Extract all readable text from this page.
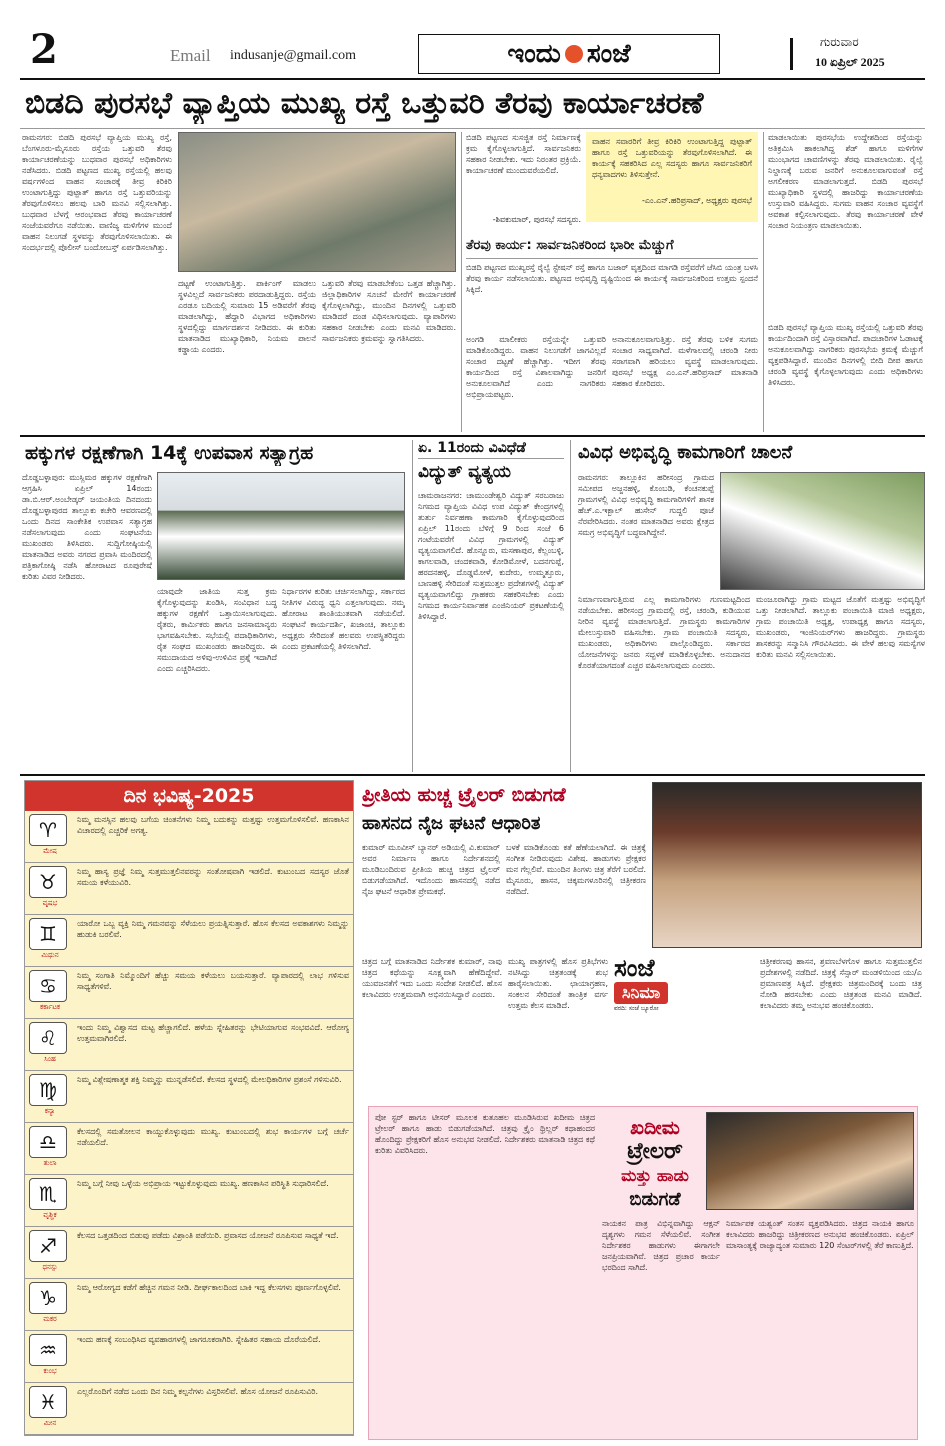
2	Email indusanje@gmail.com	ಇಂದು ಸಂಜೆ	ಗುರುವಾರ
10 ಏಪ್ರಿಲ್ 2025
ಬಿಡದಿ ಪುರಸಭೆ ವ್ಯಾಪ್ತಿಯ ಮುಖ್ಯ ರಸ್ತೆ ಒತ್ತುವರಿ ತೆರವು ಕಾರ್ಯಾಚರಣೆ
ರಾಮನಗರ: ಬಿಡದಿ ಪುರಸಭೆ ವ್ಯಾಪ್ತಿಯ ಮುಖ್ಯ ರಸ್ತೆ, ಬೆಂಗಳೂರು-ಮೈಸೂರು ರಸ್ತೆಯ ಒತ್ತುವರಿ ತೆರವು ಕಾರ್ಯಾಚರಣೆಯನ್ನು ಬುಧವಾರ ಪುರಸಭೆ ಅಧಿಕಾರಿಗಳು ನಡೆಸಿದರು. ಬಿಡದಿ ಪಟ್ಟಣದ ಮುಖ್ಯ ರಸ್ತೆಯಲ್ಲಿ ಹಲವು ವರ್ಷಗಳಿಂದ ವಾಹನ ಸಂಚಾರಕ್ಕೆ ತೀವ್ರ ಕಿರಿಕಿರಿ ಉಂಟಾಗುತ್ತಿದ್ದು ಪುಟ್ಪಾತ್ ಹಾಗೂ ರಸ್ತೆ ಒತ್ತುವರಿಯನ್ನು ತೆರವುಗೊಳಿಸಲು ಹಲವು ಬಾರಿ ಮನವಿ ಸಲ್ಲಿಸಲಾಗಿತ್ತು. ಬುಧವಾರ ಬೆಳಗ್ಗೆ ಆರಂಭವಾದ ತೆರವು ಕಾರ್ಯಾಚರಣೆ ಸಂಜೆಯವರೆಗೂ ನಡೆಯಿತು. ವಾಣಿಜ್ಯ ಮಳಿಗೆಗಳ ಮುಂದೆ ವಾಹನ ನಿಲುಗಡೆ ಸ್ಥಳವನ್ನು ತೆರವುಗೊಳಿಸಲಾಯಿತು. ಈ ಸಂದರ್ಭದಲ್ಲಿ ಪೊಲೀಸ್ ಬಂದೋಬಸ್ತ್ ಏರ್ಪಡಿಸಲಾಗಿತ್ತು.
ದಟ್ಟಣೆ ಉಂಟಾಗುತ್ತಿತ್ತು. ಪಾರ್ಕಿಂಗ್ ಮಾಡಲು ಸ್ಥಳವಿಲ್ಲದೆ ಸಾರ್ವಜನಿಕರು ಪರದಾಡುತ್ತಿದ್ದರು. ರಸ್ತೆಯ ಎರಡೂ ಬದಿಯಲ್ಲಿ ಸುಮಾರು 15 ಅಡಿವರೆಗೆ ತೆರವು ಮಾಡಲಾಗಿದ್ದು, ಹೆದ್ದಾರಿ ವಿಭಾಗದ ಅಧಿಕಾರಿಗಳು ಸ್ಥಳದಲ್ಲಿದ್ದು ಮಾರ್ಗದರ್ಶನ ನೀಡಿದರು. ಈ ಕುರಿತು ಮಾತನಾಡಿದ ಮುಖ್ಯಾಧಿಕಾರಿ, ನಿಯಮ ಪಾಲನೆ ಕಡ್ಡಾಯ ಎಂದರು.
ಒತ್ತುವರಿ ತೆರವು ಮಾಡಬೇಕೆಂಬ ಒತ್ತಡ ಹೆಚ್ಚಾಗಿತ್ತು. ಜಿಲ್ಲಾಧಿಕಾರಿಗಳ ಸೂಚನೆ ಮೇರೆಗೆ ಕಾರ್ಯಾಚರಣೆ ಕೈಗೊಳ್ಳಲಾಗಿದ್ದು, ಮುಂದಿನ ದಿನಗಳಲ್ಲಿ ಒತ್ತುವರಿ ಮಾಡಿದರೆ ದಂಡ ವಿಧಿಸಲಾಗುವುದು. ವ್ಯಾಪಾರಿಗಳು ಸಹಕಾರ ನೀಡಬೇಕು ಎಂದು ಮನವಿ ಮಾಡಿದರು. ಸಾರ್ವಜನಿಕರು ಕ್ರಮವನ್ನು ಸ್ವಾಗತಿಸಿದರು.
ಬಿಡದಿ ಪಟ್ಟಣದ ಸುಸಜ್ಜಿತ ರಸ್ತೆ ನಿರ್ಮಾಣಕ್ಕೆ ಕ್ರಮ ಕೈಗೊಳ್ಳಲಾಗುತ್ತಿದೆ. ಸಾರ್ವಜನಿಕರು ಸಹಕಾರ ನೀಡಬೇಕು. ಇದು ನಿರಂತರ ಪ್ರಕ್ರಿಯೆ. ಕಾರ್ಯಾಚರಣೆ ಮುಂದುವರೆಯಲಿದೆ.
-ಶಿವಕುಮಾರ್, ಪುರಸಭೆ ಸದಸ್ಯರು.
ವಾಹನ ಸವಾರರಿಗೆ ತೀವ್ರ ಕಿರಿಕಿರಿ ಉಂಟಾಗುತ್ತಿದ್ದ ಪುಟ್ಪಾತ್ ಹಾಗೂ ರಸ್ತೆ ಒತ್ತುವರಿಯನ್ನು ತೆರವುಗೊಳಿಸಲಾಗಿದೆ. ಈ ಕಾರ್ಯಕ್ಕೆ ಸಹಕರಿಸಿದ ಎಲ್ಲ ಸದಸ್ಯರು ಹಾಗೂ ಸಾರ್ವಜನಿಕರಿಗೆ ಧನ್ಯವಾದಗಳು ತಿಳಿಸುತ್ತೇನೆ.
-ಎಂ.ಎನ್.ಹರಿಪ್ರಸಾದ್, ಅಧ್ಯಕ್ಷರು ಪುರಸಭೆ
ತೆರವು ಕಾರ್ಯ: ಸಾರ್ವಜನಿಕರಿಂದ ಭಾರೀ ಮೆಚ್ಚುಗೆ
ಬಿಡದಿ ಪಟ್ಟಣದ ಮುಖ್ಯರಸ್ತೆ ರೈಲ್ವೆ ಸ್ಟೇಷನ್ ರಸ್ತೆ ಹಾಗೂ ಬಜಾರ್ ವೃತ್ತದಿಂದ ಮಾಗಡಿ ರಸ್ತೆವರೆಗೆ ಜೆಸಿಬಿ ಯಂತ್ರ ಬಳಸಿ ತೆರವು ಕಾರ್ಯ ನಡೆಸಲಾಯಿತು. ಪಟ್ಟಣದ ಅಭಿವೃದ್ಧಿ ದೃಷ್ಟಿಯಿಂದ ಈ ಕಾರ್ಯಕ್ಕೆ ಸಾರ್ವಜನಿಕರಿಂದ ಉತ್ತಮ ಸ್ಪಂದನೆ ಸಿಕ್ಕಿದೆ.
ಅಂಗಡಿ ಮಾಲೀಕರು ರಸ್ತೆಯನ್ನೇ ಒತ್ತುವರಿ ಮಾಡಿಕೊಂಡಿದ್ದರು. ವಾಹನ ನಿಲುಗಡೆಗೆ ಜಾಗವಿಲ್ಲದೆ ಸಂಚಾರ ದಟ್ಟಣೆ ಹೆಚ್ಚಾಗಿತ್ತು. ಇದೀಗ ತೆರವು ಕಾರ್ಯದಿಂದ ರಸ್ತೆ ವಿಶಾಲವಾಗಿದ್ದು ಜನರಿಗೆ ಅನುಕೂಲವಾಗಿದೆ ಎಂದು ನಾಗರಿಕರು ಅಭಿಪ್ರಾಯಪಟ್ಟರು.
ಅನಾನುಕೂಲವಾಗುತ್ತಿತ್ತು. ರಸ್ತೆ ತೆರವು ಬಳಿಕ ಸುಗಮ ಸಂಚಾರ ಸಾಧ್ಯವಾಗಿದೆ. ಮಳೆಗಾಲದಲ್ಲಿ ಚರಂಡಿ ನೀರು ಸರಾಗವಾಗಿ ಹರಿಯಲು ವ್ಯವಸ್ಥೆ ಮಾಡಲಾಗುವುದು. ಪುರಸಭೆ ಅಧ್ಯಕ್ಷ ಎಂ.ಎನ್.ಹರಿಪ್ರಸಾದ್ ಮಾತನಾಡಿ ಸಹಕಾರ ಕೋರಿದರು.
ಮಾಡಲಾಯಿತು ಪುರಸಭೆಯ ಉದ್ದೇಶದಿಂದ ರಸ್ತೆಯನ್ನು ಅತಿಕ್ರಮಿಸಿ ಹಾಕಲಾಗಿದ್ದ ಶೆಡ್ ಹಾಗೂ ಮಳಿಗೆಗಳ ಮುಂಭಾಗದ ಚಾವಣಿಗಳನ್ನು ತೆರವು ಮಾಡಲಾಯಿತು. ರೈಲ್ವೆ ನಿಲ್ದಾಣಕ್ಕೆ ಬರುವ ಜನರಿಗೆ ಅನುಕೂಲವಾಗುವಂತೆ ರಸ್ತೆ ಅಗಲೀಕರಣ ಮಾಡಲಾಗುತ್ತದೆ. ಬಿಡದಿ ಪುರಸಭೆ ಮುಖ್ಯಾಧಿಕಾರಿ ಸ್ಥಳದಲ್ಲಿ ಹಾಜರಿದ್ದು ಕಾರ್ಯಾಚರಣೆಯ ಉಸ್ತುವಾರಿ ವಹಿಸಿದ್ದರು. ಸುಗಮ ವಾಹನ ಸಂಚಾರ ವ್ಯವಸ್ಥೆಗೆ ಅವಕಾಶ ಕಲ್ಪಿಸಲಾಗುವುದು. ತೆರವು ಕಾರ್ಯಾಚರಣೆ ವೇಳೆ ಸಂಚಾರ ನಿಯಂತ್ರಣ ಮಾಡಲಾಯಿತು.
ಬಿಡದಿ ಪುರಸಭೆ ವ್ಯಾಪ್ತಿಯ ಮುಖ್ಯ ರಸ್ತೆಯಲ್ಲಿ ಒತ್ತುವರಿ ತೆರವು ಕಾರ್ಯದಿಂದಾಗಿ ರಸ್ತೆ ವಿಸ್ತಾರವಾಗಿದೆ. ಪಾದಚಾರಿಗಳ ಓಡಾಟಕ್ಕೆ ಅನುಕೂಲವಾಗಿದ್ದು ನಾಗರಿಕರು ಪುರಸಭೆಯ ಕ್ರಮಕ್ಕೆ ಮೆಚ್ಚುಗೆ ವ್ಯಕ್ತಪಡಿಸಿದ್ದಾರೆ. ಮುಂದಿನ ದಿನಗಳಲ್ಲಿ ಬೀದಿ ದೀಪ ಹಾಗೂ ಚರಂಡಿ ವ್ಯವಸ್ಥೆ ಕೈಗೊಳ್ಳಲಾಗುವುದು ಎಂದು ಅಧಿಕಾರಿಗಳು ತಿಳಿಸಿದರು.
ಹಕ್ಕುಗಳ ರಕ್ಷಣೆಗಾಗಿ 14ಕ್ಕೆ ಉಪವಾಸ ಸತ್ಯಾಗ್ರಹ
ದೊಡ್ಡಬಳ್ಳಾಪುರ: ಮುಸ್ಲಿಮರ ಹಕ್ಕುಗಳ ರಕ್ಷಣೆಗಾಗಿ ಆಗ್ರಹಿಸಿ ಏಪ್ರಿಲ್ 14ರಂದು ಡಾ.ಬಿ.ಆರ್.ಅಂಬೇಡ್ಕರ್ ಜಯಂತಿಯ ದಿನದಂದು ದೊಡ್ಡಬಳ್ಳಾಪುರದ ತಾಲ್ಲೂಕು ಕಚೇರಿ ಆವರಣದಲ್ಲಿ ಒಂದು ದಿನದ ಸಾಂಕೇತಿಕ ಉಪವಾಸ ಸತ್ಯಾಗ್ರಹ ನಡೆಸಲಾಗುವುದು ಎಂದು ಸಂಘಟನೆಯ ಮುಖಂಡರು ತಿಳಿಸಿದರು. ಸುದ್ದಿಗೋಷ್ಠಿಯಲ್ಲಿ ಮಾತನಾಡಿದ ಅವರು ನಗರದ ಪ್ರವಾಸಿ ಮಂದಿರದಲ್ಲಿ ಪತ್ರಿಕಾಗೋಷ್ಠಿ ನಡೆಸಿ ಹೋರಾಟದ ರೂಪುರೇಷೆ ಕುರಿತು ವಿವರ ನೀಡಿದರು.
ಯಾವುದೇ ಜಾತಿಯ ಸುತ್ತ ಕ್ರಮ ಕೈಗೊಳ್ಳುವುದನ್ನು ಖಂಡಿಸಿ, ಸಂವಿಧಾನ ಬದ್ಧ ಹಕ್ಕುಗಳ ರಕ್ಷಣೆಗೆ ಒತ್ತಾಯಿಸಲಾಗುವುದು. ರೈತರು, ಕಾರ್ಮಿಕರು ಹಾಗೂ ಜನಸಾಮಾನ್ಯರು ಭಾಗವಹಿಸಬೇಕು. ಸಭೆಯಲ್ಲಿ ಪದಾಧಿಕಾರಿಗಳು, ರೈತ ಸಂಘದ ಮುಖಂಡರು ಹಾಜರಿದ್ದರು. ಈ ಸಮುದಾಯದ ಅಳಿವು-ಉಳಿವಿನ ಪ್ರಶ್ನೆ ಇದಾಗಿದೆ ಎಂದು ಎಚ್ಚರಿಸಿದರು.
ನಿರ್ಧಾರಗಳ ಕುರಿತು ಚರ್ಚಿಸಲಾಗಿದ್ದು, ಸರ್ಕಾರದ ನೀತಿಗಳ ವಿರುದ್ಧ ಧ್ವನಿ ಎತ್ತಲಾಗುವುದು. ನಮ್ಮ ಹೋರಾಟ ಶಾಂತಿಯುತವಾಗಿ ನಡೆಯಲಿದೆ. ಸಂಘಟನೆ ಕಾರ್ಯದರ್ಶಿ, ಖಜಾಂಚಿ, ತಾಲ್ಲೂಕು ಅಧ್ಯಕ್ಷರು ಸೇರಿದಂತೆ ಹಲವರು ಉಪಸ್ಥಿತರಿದ್ದರು ಎಂದು ಪ್ರಕಟಣೆಯಲ್ಲಿ ತಿಳಿಸಲಾಗಿದೆ.
ಏ. 11ರಂದು ವಿವಿಧೆಡೆ
ವಿದ್ಯುತ್ ವ್ಯತ್ಯಯ
ಚಾಮರಾಜನಗರ: ಚಾಮುಂಡೇಶ್ವರಿ ವಿದ್ಯುತ್ ಸರಬರಾಜು ನಿಗಮದ ವ್ಯಾಪ್ತಿಯ ವಿವಿಧ ಉಪ ವಿದ್ಯುತ್ ಕೇಂದ್ರಗಳಲ್ಲಿ ತುರ್ತು ನಿರ್ವಹಣಾ ಕಾಮಗಾರಿ ಕೈಗೊಳ್ಳುವುದರಿಂದ ಏಪ್ರಿಲ್ 11ರಂದು ಬೆಳಿಗ್ಗೆ 9 ರಿಂದ ಸಂಜೆ 6 ಗಂಟೆಯವರೆಗೆ ವಿವಿಧ ಗ್ರಾಮಗಳಲ್ಲಿ ವಿದ್ಯುತ್ ವ್ಯತ್ಯಯವಾಗಲಿದೆ. ಹೊನ್ನೂರು, ಮಸಣಾಪುರ, ಕೆಲ್ಲಂಬಳ್ಳಿ, ಕಾಗಲವಾಡಿ, ಚಂದಕವಾಡಿ, ಕೋಡಿಮೋಳೆ, ಬದನಗುಪ್ಪೆ, ಹರದನಹಳ್ಳಿ, ದೊಡ್ಡಮೋಳೆ, ಕುದೇರು, ಉಮ್ಮತ್ತೂರು, ಬಾಣಹಳ್ಳಿ ಸೇರಿದಂತೆ ಸುತ್ತಮುತ್ತಲ ಪ್ರದೇಶಗಳಲ್ಲಿ ವಿದ್ಯುತ್ ವ್ಯತ್ಯಯವಾಗಲಿದ್ದು ಗ್ರಾಹಕರು ಸಹಕರಿಸಬೇಕು ಎಂದು ನಿಗಮದ ಕಾರ್ಯನಿರ್ವಾಹಕ ಎಂಜಿನಿಯರ್ ಪ್ರಕಟಣೆಯಲ್ಲಿ ತಿಳಿಸಿದ್ದಾರೆ.
ವಿವಿಧ ಅಭಿವೃದ್ಧಿ ಕಾಮಗಾರಿಗೆ ಚಾಲನೆ
ರಾಮನಗರ: ತಾಲ್ಲೂಕಿನ ಹರೀಸಂದ್ರ ಗ್ರಾಮದ ಸಮೀಪದ ಅಜ್ಜನಹಳ್ಳಿ, ಕೊಂಬಡಿ, ಕೆಂಚನಕುಪ್ಪೆ ಗ್ರಾಮಗಳಲ್ಲಿ ವಿವಿಧ ಅಭಿವೃದ್ಧಿ ಕಾಮಗಾರಿಗಳಿಗೆ ಶಾಸಕ ಹೆಚ್.ಎ.ಇಕ್ಬಾಲ್ ಹುಸೇನ್ ಗುದ್ದಲಿ ಪೂಜೆ ನೆರವೇರಿಸಿದರು. ನಂತರ ಮಾತನಾಡಿದ ಅವರು ಕ್ಷೇತ್ರದ ಸಮಗ್ರ ಅಭಿವೃದ್ಧಿಗೆ ಬದ್ಧವಾಗಿದ್ದೇನೆ.
ನಿರ್ಮಾಣವಾಗುತ್ತಿರುವ ಎಲ್ಲ ಕಾಮಗಾರಿಗಳು ಗುಣಮಟ್ಟದಿಂದ ನಡೆಯಬೇಕು. ಹರೀಸಂದ್ರ ಗ್ರಾಮದಲ್ಲಿ ರಸ್ತೆ, ಚರಂಡಿ, ಕುಡಿಯುವ ನೀರಿನ ವ್ಯವಸ್ಥೆ ಮಾಡಲಾಗುತ್ತಿದೆ. ಗ್ರಾಮಸ್ಥರು ಕಾಮಗಾರಿಗಳ ಮೇಲುಸ್ತುವಾರಿ ವಹಿಸಬೇಕು. ಗ್ರಾಮ ಪಂಚಾಯಿತಿ ಸದಸ್ಯರು, ಮುಖಂಡರು, ಅಧಿಕಾರಿಗಳು ಪಾಲ್ಗೊಂಡಿದ್ದರು. ಸರ್ಕಾರದ ಯೋಜನೆಗಳನ್ನು ಜನರು ಸದ್ಬಳಕೆ ಮಾಡಿಕೊಳ್ಳಬೇಕು. ಅನುದಾನದ ಕೊರತೆಯಾಗದಂತೆ ಎಚ್ಚರ ವಹಿಸಲಾಗುವುದು ಎಂದರು.
ಮಂಜೂರಾಗಿದ್ದು ಗ್ರಾಮ ಮಟ್ಟದ ಜೊತೆಗೆ ಮತ್ತಷ್ಟು ಅಭಿವೃದ್ಧಿಗೆ ಒತ್ತು ನೀಡಲಾಗಿದೆ. ತಾಲ್ಲೂಕು ಪಂಚಾಯಿತಿ ಮಾಜಿ ಅಧ್ಯಕ್ಷರು, ಗ್ರಾಮ ಪಂಚಾಯಿತಿ ಅಧ್ಯಕ್ಷ, ಉಪಾಧ್ಯಕ್ಷ ಹಾಗೂ ಸದಸ್ಯರು, ಮುಖಂಡರು, ಇಂಜಿನಿಯರ್‌ಗಳು ಹಾಜರಿದ್ದರು. ಗ್ರಾಮಸ್ಥರು ಶಾಸಕರನ್ನು ಸನ್ಮಾನಿಸಿ ಗೌರವಿಸಿದರು. ಈ ವೇಳೆ ಹಲವು ಸಮಸ್ಯೆಗಳ ಕುರಿತು ಮನವಿ ಸಲ್ಲಿಸಲಾಯಿತು.
ದಿನ ಭವಿಷ್ಯ-2025
♈
ಮೇಷ
ನಿಮ್ಮ ಮನಸ್ಸಿನ ಹಲವು ಬಗೆಯ ಚಿಂತನೆಗಳು ನಿಮ್ಮ ಬದುಕನ್ನು ಮತ್ತಷ್ಟು ಉತ್ತಮಗೊಳಿಸಲಿವೆ. ಹಣಕಾಸಿನ ವಿಚಾರದಲ್ಲಿ ಎಚ್ಚರಿಕೆ ಅಗತ್ಯ.
♉
ವೃಷಭ
ನಿಮ್ಮ ಹಾಸ್ಯ ಪ್ರಜ್ಞೆ ನಿಮ್ಮ ಸುತ್ತಮುತ್ತಲಿನವರನ್ನು ಸಂತೋಷವಾಗಿ ಇಡಲಿದೆ. ಕುಟುಂಬದ ಸದಸ್ಯರ ಜೊತೆ ಸಮಯ ಕಳೆಯುವಿರಿ.
♊
ಮಿಥುನ
ಯಾರೋ ಒಬ್ಬ ವ್ಯಕ್ತಿ ನಿಮ್ಮ ಗಮನವನ್ನು ಸೆಳೆಯಲು ಪ್ರಯತ್ನಿಸುತ್ತಾರೆ. ಹೊಸ ಕೆಲಸದ ಅವಕಾಶಗಳು ನಿಮ್ಮನ್ನು ಹುಡುಕಿ ಬರಲಿವೆ.
♋
ಕರ್ಕಾಟಕ
ನಿಮ್ಮ ಸಂಗಾತಿ ನಿಮ್ಮೊಂದಿಗೆ ಹೆಚ್ಚು ಸಮಯ ಕಳೆಯಲು ಬಯಸುತ್ತಾರೆ. ವ್ಯಾಪಾರದಲ್ಲಿ ಲಾಭ ಗಳಿಸುವ ಸಾಧ್ಯತೆಗಳಿವೆ.
♌
ಸಿಂಹ
ಇಂದು ನಿಮ್ಮ ವಿಶ್ವಾಸದ ಮಟ್ಟ ಹೆಚ್ಚಾಗಲಿದೆ. ಹಳೆಯ ಸ್ನೇಹಿತರನ್ನು ಭೇಟಿಯಾಗುವ ಸಂಭವವಿದೆ. ಆರೋಗ್ಯ ಉತ್ತಮವಾಗಿರಲಿದೆ.
♍
ಕನ್ಯಾ
ನಿಮ್ಮ ವಿಶ್ಲೇಷಣಾತ್ಮಕ ಶಕ್ತಿ ನಿಮ್ಮನ್ನು ಮುನ್ನಡೆಸಲಿದೆ. ಕೆಲಸದ ಸ್ಥಳದಲ್ಲಿ ಮೇಲಧಿಕಾರಿಗಳ ಪ್ರಶಂಸೆ ಗಳಿಸುವಿರಿ.
♎
ತುಲಾ
ಕೆಲಸದಲ್ಲಿ ಸಮತೋಲನ ಕಾಯ್ದುಕೊಳ್ಳುವುದು ಮುಖ್ಯ. ಕುಟುಂಬದಲ್ಲಿ ಶುಭ ಕಾರ್ಯಗಳ ಬಗ್ಗೆ ಚರ್ಚೆ ನಡೆಯಲಿದೆ.
♏
ವೃಶ್ಚಿಕ
ನಿಮ್ಮ ಬಗ್ಗೆ ನೀವು ಒಳ್ಳೆಯ ಅಭಿಪ್ರಾಯ ಇಟ್ಟುಕೊಳ್ಳುವುದು ಮುಖ್ಯ. ಹಣಕಾಸಿನ ಪರಿಸ್ಥಿತಿ ಸುಧಾರಿಸಲಿದೆ.
♐
ಧನಸ್ಸು
ಕೆಲಸದ ಒತ್ತಡದಿಂದ ಬಿಡುವು ಪಡೆದು ವಿಶ್ರಾಂತಿ ಪಡೆಯಿರಿ. ಪ್ರವಾಸದ ಯೋಜನೆ ರೂಪಿಸುವ ಸಾಧ್ಯತೆ ಇದೆ.
♑
ಮಕರ
ನಿಮ್ಮ ಆರೋಗ್ಯದ ಕಡೆಗೆ ಹೆಚ್ಚಿನ ಗಮನ ನೀಡಿ. ದೀರ್ಘಕಾಲದಿಂದ ಬಾಕಿ ಇದ್ದ ಕೆಲಸಗಳು ಪೂರ್ಣಗೊಳ್ಳಲಿವೆ.
♒
ಕುಂಭ
ಇಂದು ಹಣಕ್ಕೆ ಸಂಬಂಧಿಸಿದ ವ್ಯವಹಾರಗಳಲ್ಲಿ ಜಾಗರೂಕರಾಗಿರಿ. ಸ್ನೇಹಿತರ ಸಹಾಯ ದೊರೆಯಲಿದೆ.
♓
ಮೀನ
ಎಲ್ಲರೊಂದಿಗೆ ನಡೆದ ಒಂದು ದಿನ ನಿಮ್ಮ ಕಲ್ಪನೆಗಳು ವಿಸ್ತರಿಸಲಿವೆ. ಹೊಸ ಯೋಜನೆ ರೂಪಿಸುವಿರಿ.
ಪ್ರೀತಿಯ ಹುಚ್ಚ ಟ್ರೈಲರ್ ಬಿಡುಗಡೆ
ಹಾಸನದ ನೈಜ ಘಟನೆ ಆಧಾರಿತ
ಕುಮಾರ್ ಮೂವೀಸ್ ಬ್ಯಾನರ್ ಅಡಿಯಲ್ಲಿ ವಿ.ಕುಮಾರ್ ಅವರ ನಿರ್ಮಾಣ ಹಾಗೂ ನಿರ್ದೇಶನದಲ್ಲಿ ಮೂಡಿಬಂದಿರುವ ಪ್ರೀತಿಯ ಹುಚ್ಚ ಚಿತ್ರದ ಟ್ರೈಲರ್ ಬಿಡುಗಡೆಯಾಗಿದೆ. ಇದೊಂದು ಹಾಸನದಲ್ಲಿ ನಡೆದ ನೈಜ ಘಟನೆ ಆಧಾರಿತ ಪ್ರೇಮಕಥೆ.
ಬಳಕೆ ಮಾಡಿಕೊಂಡು ಕತೆ ಹೆಣೆಯಲಾಗಿದೆ. ಈ ಚಿತ್ರಕ್ಕೆ ಸಂಗೀತ ನೀಡಿರುವುದು ವಿಶೇಷ. ಹಾಡುಗಳು ಪ್ರೇಕ್ಷಕರ ಮನ ಗೆಲ್ಲಲಿವೆ. ಮುಂದಿನ ತಿಂಗಳು ಚಿತ್ರ ತೆರೆಗೆ ಬರಲಿದೆ. ಮೈಸೂರು, ಹಾಸನ, ಚಿಕ್ಕಮಗಳೂರಿನಲ್ಲಿ ಚಿತ್ರೀಕರಣ ನಡೆದಿದೆ.
ಚಿತ್ರದ ಬಗ್ಗೆ ಮಾತನಾಡಿದ ನಿರ್ದೇಶಕ ಕುಮಾರ್, ನಾವು ಚಿತ್ರದ ಕಥೆಯನ್ನು ಸೂಕ್ಷ್ಮವಾಗಿ ಹೆಣೆದಿದ್ದೇವೆ. ಯುವಜನತೆಗೆ ಇದು ಒಂದು ಸಂದೇಶ ನೀಡಲಿದೆ. ಹೊಸ ಕಲಾವಿದರು ಉತ್ತಮವಾಗಿ ಅಭಿನಯಿಸಿದ್ದಾರೆ ಎಂದರು.
ಮುಖ್ಯ ಪಾತ್ರಗಳಲ್ಲಿ ಹೊಸ ಪ್ರತಿಭೆಗಳು ನಟಿಸಿದ್ದು ಚಿತ್ರತಂಡಕ್ಕೆ ಶುಭ ಹಾರೈಸಲಾಯಿತು. ಛಾಯಾಗ್ರಹಣ, ಸಂಕಲನ ಸೇರಿದಂತೆ ತಾಂತ್ರಿಕ ವರ್ಗ ಉತ್ತಮ ಕೆಲಸ ಮಾಡಿದೆ.
ಸಂಜೆ
ಸಿನಿಮಾ
ವರದಿ: ಸಂಜೆ ಬ್ಯೂರೋ
ಚಿತ್ರೀಕರಣವು ಹಾಸನ, ಶ್ರವಣಬೆಳಗೊಳ ಹಾಗೂ ಸುತ್ತಮುತ್ತಲಿನ ಪ್ರದೇಶಗಳಲ್ಲಿ ನಡೆದಿದೆ. ಚಿತ್ರಕ್ಕೆ ಸೆನ್ಸಾರ್ ಮಂಡಳಿಯಿಂದ ಯು/ಎ ಪ್ರಮಾಣಪತ್ರ ಸಿಕ್ಕಿದೆ. ಪ್ರೇಕ್ಷಕರು ಚಿತ್ರಮಂದಿರಕ್ಕೆ ಬಂದು ಚಿತ್ರ ನೋಡಿ ಹರಸಬೇಕು ಎಂದು ಚಿತ್ರತಂಡ ಮನವಿ ಮಾಡಿದೆ. ಕಲಾವಿದರು ತಮ್ಮ ಅನುಭವ ಹಂಚಿಕೊಂಡರು.
ಖದೀಮ
ಟ್ರೇಲರ್
ಮತ್ತು ಹಾಡು
ಬಿಡುಗಡೆ
ಪೋ ಸ್ಟರ್ ಹಾಗೂ ಟೀಸರ್ ಮೂಲಕ ಕುತೂಹಲ ಮೂಡಿಸಿರುವ ಖದೀಮ ಚಿತ್ರದ ಟ್ರೇಲರ್ ಹಾಗೂ ಹಾಡು ಬಿಡುಗಡೆಯಾಗಿದೆ. ಚಿತ್ರವು ಕ್ರೈಂ ಥ್ರಿಲ್ಲರ್ ಕಥಾಹಂದರ ಹೊಂದಿದ್ದು ಪ್ರೇಕ್ಷಕರಿಗೆ ಹೊಸ ಅನುಭವ ನೀಡಲಿದೆ. ನಿರ್ದೇಶಕರು ಮಾತನಾಡಿ ಚಿತ್ರದ ಕಥೆ ಕುರಿತು ವಿವರಿಸಿದರು.
ನಾಯಕನ ಪಾತ್ರ ವಿಭಿನ್ನವಾಗಿದ್ದು ಆಕ್ಷನ್ ದೃಶ್ಯಗಳು ಗಮನ ಸೆಳೆಯಲಿವೆ. ಸಂಗೀತ ನಿರ್ದೇಶಕರ ಹಾಡುಗಳು ಈಗಾಗಲೇ ಜನಪ್ರಿಯವಾಗಿವೆ. ಚಿತ್ರದ ಪ್ರಚಾರ ಕಾರ್ಯ ಭರದಿಂದ ಸಾಗಿದೆ.
ನಿರ್ಮಾಪಕ ಯಶ್ವಂತ್ ಸಂತಸ ವ್ಯಕ್ತಪಡಿಸಿದರು. ಚಿತ್ರದ ನಾಯಕಿ ಹಾಗೂ ಕಲಾವಿದರು ಹಾಜರಿದ್ದು ಚಿತ್ರೀಕರಣದ ಅನುಭವ ಹಂಚಿಕೊಂಡರು. ಏಪ್ರಿಲ್ ಮಾಸಾಂತ್ಯಕ್ಕೆ ರಾಜ್ಯಾದ್ಯಂತ ಸುಮಾರು 120 ಸೆಂಟರ್‌ಗಳಲ್ಲಿ ತೆರೆ ಕಾಣುತ್ತಿದೆ.
